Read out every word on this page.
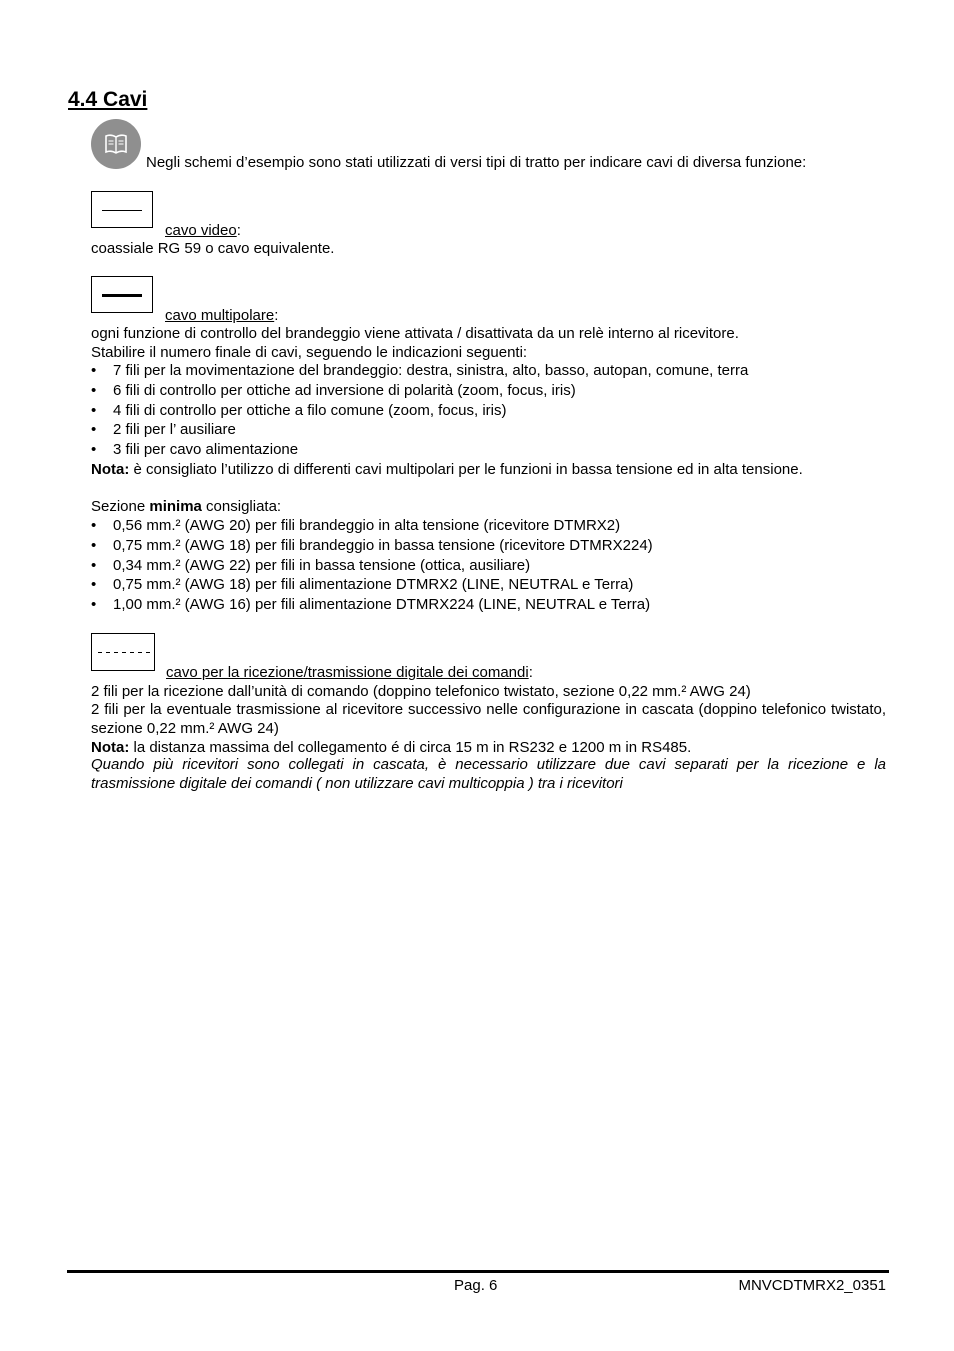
4.4 Cavi
Negli schemi d’esempio sono stati utilizzati di versi tipi di tratto per indicare cavi di diversa funzione:
cavo video:
coassiale RG 59 o cavo equivalente.
cavo multipolare:
ogni funzione di controllo del brandeggio viene attivata / disattivata da un relè interno al ricevitore.
Stabilire il numero finale di cavi, seguendo le indicazioni seguenti:
• 7 fili per la movimentazione del brandeggio: destra, sinistra, alto, basso, autopan, comune, terra
• 6 fili di controllo per ottiche ad inversione di polarità (zoom, focus, iris)
• 4 fili di controllo per ottiche a filo comune (zoom, focus, iris)
• 2 fili per l’ ausiliare
• 3 fili per cavo alimentazione
Nota: è consigliato l’utilizzo di differenti cavi multipolari per le funzioni in bassa tensione ed in alta tensione.
Sezione minima consigliata:
• 0,56 mm.² (AWG 20) per fili brandeggio in alta tensione (ricevitore DTMRX2)
• 0,75 mm.² (AWG 18) per fili brandeggio in bassa tensione (ricevitore DTMRX224)
• 0,34 mm.² (AWG 22) per fili in bassa tensione (ottica, ausiliare)
• 0,75 mm.² (AWG 18) per fili alimentazione DTMRX2 (LINE, NEUTRAL e Terra)
• 1,00 mm.² (AWG 16) per fili alimentazione DTMRX224 (LINE, NEUTRAL e Terra)
cavo per la ricezione/trasmissione digitale dei comandi:
2 fili per la ricezione dall’unità di comando (doppino telefonico twistato, sezione 0,22 mm.² AWG 24)
2 fili per la eventuale trasmissione al ricevitore successivo nelle configurazione in cascata (doppino telefonico twistato, sezione 0,22 mm.² AWG 24)
Nota: la distanza massima del collegamento é di circa 15 m in RS232 e 1200 m in RS485.
Quando più ricevitori sono collegati in cascata, è necessario utilizzare due cavi separati per la ricezione e la trasmissione digitale dei comandi ( non utilizzare cavi multicoppia ) tra i ricevitori
Pag. 6	MNVCDTMRX2_0351
